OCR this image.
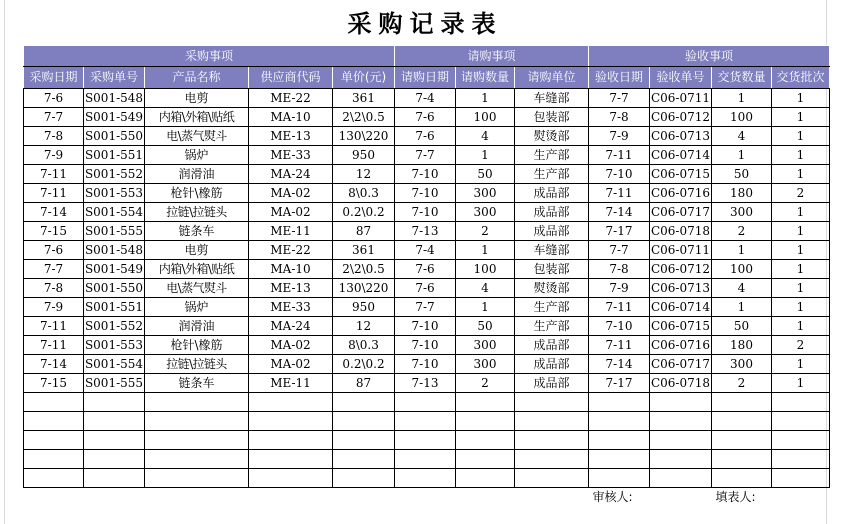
采购记录表
采购事项					请购事项			验收事项			
采购日期	采购单号	产品名称	供应商代码	单价(元)	请购日期	请购数量	请购单位	验收日期	验收单号	交货数量	交货批次
7-6	S001-548	电剪	ME-22	361	7-4	1	车缝部	7-7	C06-0711	1	1
7-7	S001-549	内箱\外箱\贴纸	MA-10	2\2\0.5	7-6	100	包装部	7-8	C06-0712	100	1
7-8	S001-550	电\蒸气熨斗	ME-13	130\220	7-6	4	熨烫部	7-9	C06-0713	4	1
7-9	S001-551	锅炉	ME-33	950	7-7	1	生产部	7-11	C06-0714	1	1
7-11	S001-552	润滑油	MA-24	12	7-10	50	生产部	7-10	C06-0715	50	1
7-11	S001-553	枪针\橡筋	MA-02	8\0.3	7-10	300	成品部	7-11	C06-0716	180	2
7-14	S001-554	拉链\拉链头	MA-02	0.2\0.2	7-10	300	成品部	7-14	C06-0717	300	1
7-15	S001-555	链条车	ME-11	87	7-13	2	成品部	7-17	C06-0718	2	1
7-6	S001-548	电剪	ME-22	361	7-4	1	车缝部	7-7	C06-0711	1	1
7-7	S001-549	内箱\外箱\贴纸	MA-10	2\2\0.5	7-6	100	包装部	7-8	C06-0712	100	1
7-8	S001-550	电\蒸气熨斗	ME-13	130\220	7-6	4	熨烫部	7-9	C06-0713	4	1
7-9	S001-551	锅炉	ME-33	950	7-7	1	生产部	7-11	C06-0714	1	1
7-11	S001-552	润滑油	MA-24	12	7-10	50	生产部	7-10	C06-0715	50	1
7-11	S001-553	枪针\橡筋	MA-02	8\0.3	7-10	300	成品部	7-11	C06-0716	180	2
7-14	S001-554	拉链\拉链头	MA-02	0.2\0.2	7-10	300	成品部	7-14	C06-0717	300	1
7-15	S001-555	链条车	ME-11	87	7-13	2	成品部	7-17	C06-0718	2	1

								审核人:		填表人:	
